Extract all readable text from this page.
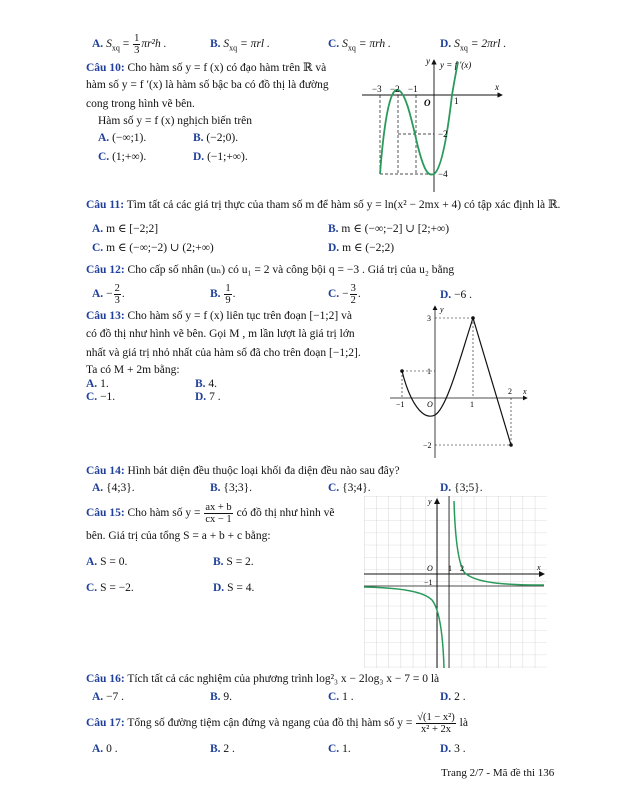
A. $S_{xq} = \frac{1}{3} \pi r^2h$ .	B. $S_{xq} = \pi rl$ .	C. $S_{xq} = \pi rh$ .	D. $S_{xq} = 2\pi rl$ .
Câu 10: Cho hàm số y = f (x) có đạo hàm trên ℝ và
hàm số y = f ′(x) là hàm số bậc ba có đồ thị là đường
cong trong hình vẽ bên.
Hàm số y = f (x) nghịch biến trên
A. (−∞;1).	B. (−2;0).
C. (1;+∞).	D. (−1;+∞).
y = f ′(x)
y
x
O
−3 −2 −1
1
−2
−4
Câu 11: Tìm tất cả các giá trị thực của tham số m để hàm số y = ln(x² − 2mx + 4) có tập xác định là ℝ.
A. m ∈ [−2;2]	B. m ∈ (−∞;−2] ∪ [2;+∞)
C. m ∈ (−∞;−2) ∪ (2;+∞)	D. m ∈ (−2;2)
Câu 12: Cho cấp số nhân (uₙ) có u₁ = 2 và công bội q = −3 . Giá trị của u₂ bằng
A. − $\frac{2}{3}$ .	B. $\frac{1}{9}$ .	C. − $\frac{3}{2}$ .	D. −6 .
Câu 13: Cho hàm số y = f (x) liên tục trên đoạn [−1;2] và
có đồ thị như hình vẽ bên. Gọi M , m lần lượt là giá trị lớn
nhất và giá trị nhỏ nhất của hàm số đã cho trên đoạn [−1;2].
Ta có M + 2m bằng:
A. 1.	B. 4.
C. −1.	D. 7 .
y
x
O
3
1
−2
−1	1
2
Câu 14: Hình bát diện đều thuộc loại khối đa diện đều nào sau đây?
A. {4;3}.	B. {3;3}.	C. {3;4}.	D. {3;5}.
Câu 15: Cho hàm số $y = \frac{ax + b}{cx - 1}$ có đồ thị như hình vẽ
bên. Giá trị của tổng S = a + b + c bằng:
A. S = 0.	B. S = 2.
C. S = −2.	D. S = 4.
y
x
O 1 2
−1
Câu 16: Tích tất cả các nghiệm của phương trình log²₃ x − 2log₃ x − 7 = 0 là
A. −7 .	B. 9.	C. 1 .	D. 2 .
Câu 17: Tổng số đường tiệm cận đứng và ngang của đồ thị hàm số $y = \frac{\text{√(1 − x²)}}{\text{x² + 2x}}$ là
A. 0 .	B. 2 .	C. 1.	D. 3 .
Trang 2/7 - Mã đề thi 136
